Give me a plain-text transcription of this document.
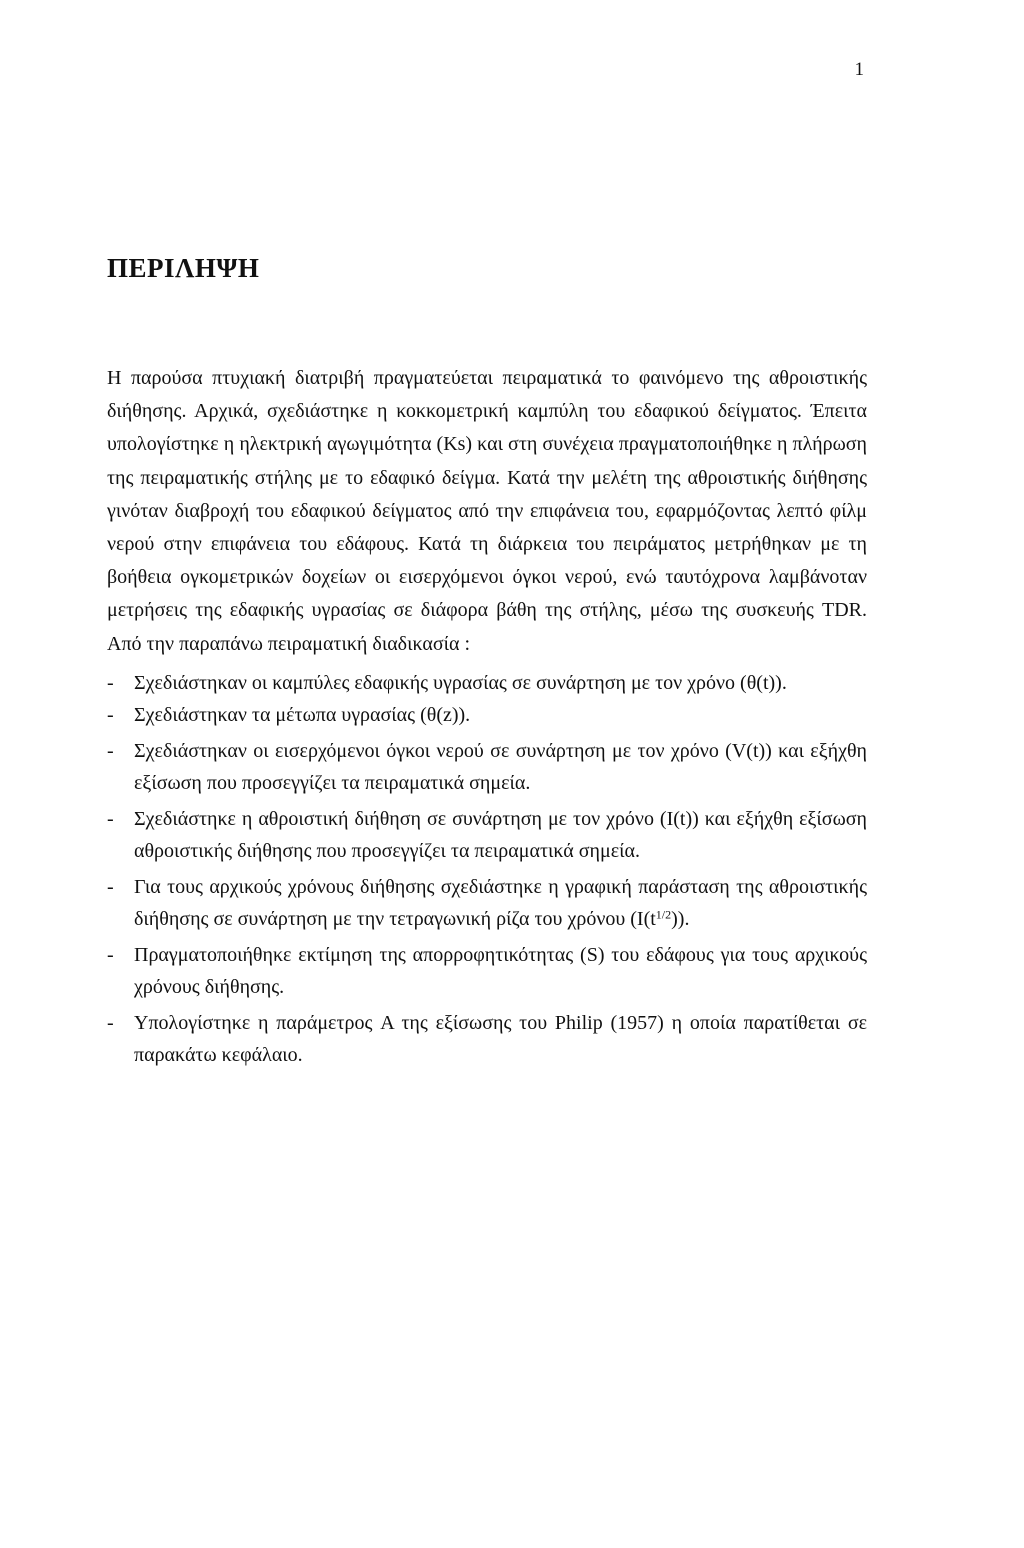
1
ΠΕΡΙΛΗΨΗ

Η παρούσα πτυχιακή διατριβή πραγματεύεται πειραματικά το φαινόμενο της αθροιστικής διήθησης. Αρχικά, σχεδιάστηκε η κοκκομετρική καμπύλη του εδαφικού δείγματος. Έπειτα υπολογίστηκε η ηλεκτρική αγωγιμότητα (Ks) και στη συνέχεια πραγματοποιήθηκε η πλήρωση της πειραματικής στήλης με το εδαφικό δείγμα. Κατά την μελέτη της αθροιστικής διήθησης γινόταν διαβροχή του εδαφικού δείγματος από την επιφάνεια του, εφαρμόζοντας λεπτό φίλμ νερού στην επιφάνεια του εδάφους. Κατά τη διάρκεια του πειράματος μετρήθηκαν με τη βοήθεια ογκομετρικών δοχείων οι εισερχόμενοι όγκοι νερού, ενώ ταυτόχρονα λαμβάνοταν μετρήσεις της εδαφικής υγρασίας σε διάφορα βάθη της στήλης, μέσω της συσκευής TDR. Από την παραπάνω πειραματική διαδικασία :

- Σχεδιάστηκαν οι καμπύλες εδαφικής υγρασίας σε συνάρτηση με τον χρόνο (θ(t)).
- Σχεδιάστηκαν τα μέτωπα υγρασίας (θ(z)).
- Σχεδιάστηκαν οι εισερχόμενοι όγκοι νερού σε συνάρτηση με τον χρόνο (V(t)) και εξήχθη εξίσωση που προσεγγίζει τα πειραματικά σημεία.
- Σχεδιάστηκε η αθροιστική διήθηση σε συνάρτηση με τον χρόνο (I(t)) και εξήχθη εξίσωση αθροιστικής διήθησης που προσεγγίζει τα πειραματικά σημεία.
- Για τους αρχικούς χρόνους διήθησης σχεδιάστηκε η γραφική παράσταση της αθροιστικής διήθησης σε συνάρτηση με την τετραγωνική ρίζα του χρόνου $(I(t^{1/2}))$.
- Πραγματοποιήθηκε εκτίμηση της απορροφητικότητας (S) του εδάφους για τους αρχικούς χρόνους διήθησης.
- Υπολογίστηκε η παράμετρος A της εξίσωσης του Philip (1957) η οποία παρατίθεται σε παρακάτω κεφάλαιο.
